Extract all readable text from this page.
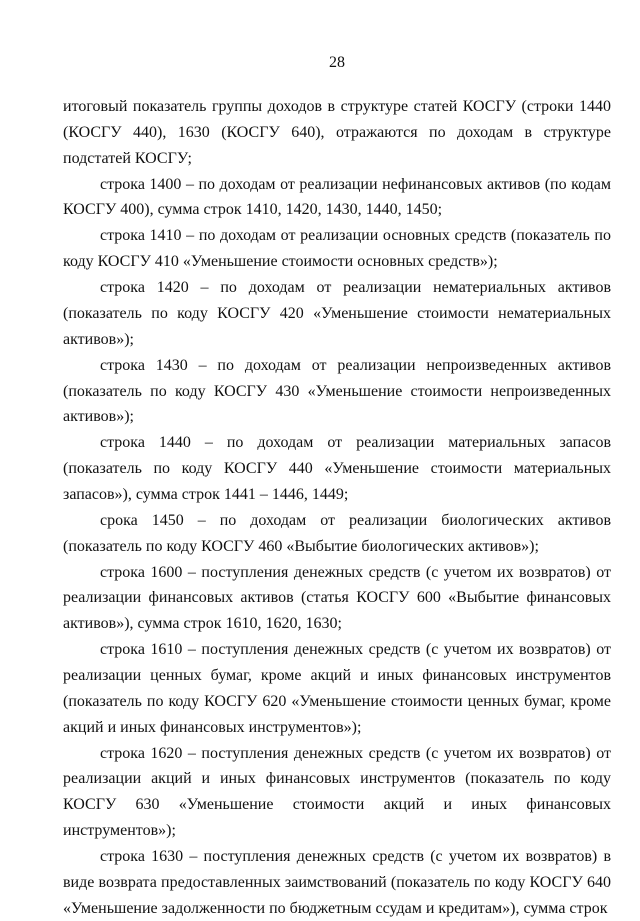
28

итоговый показатель группы доходов в структуре статей КОСГУ (строки 1440 (КОСГУ 440), 1630 (КОСГУ 640), отражаются по доходам в структуре подстатей КОСГУ;

строка 1400 – по доходам от реализации нефинансовых активов (по кодам КОСГУ 400), сумма строк 1410, 1420, 1430, 1440, 1450;

строка 1410 – по доходам от реализации основных средств (показатель по коду КОСГУ 410 «Уменьшение стоимости основных средств»);

строка 1420 – по доходам от реализации нематериальных активов (показатель по коду КОСГУ 420 «Уменьшение стоимости нематериальных активов»);

строка 1430 – по доходам от реализации непроизведенных активов (показатель по коду КОСГУ 430 «Уменьшение стоимости непроизведенных активов»);

строка 1440 – по доходам от реализации материальных запасов (показатель по коду КОСГУ 440 «Уменьшение стоимости материальных запасов»), сумма строк 1441 – 1446, 1449;

срока 1450 – по доходам от реализации биологических активов (показатель по коду КОСГУ 460 «Выбытие биологических активов»);

строка 1600 – поступления денежных средств (с учетом их возвратов) от реализации финансовых активов (статья КОСГУ 600 «Выбытие финансовых активов»), сумма строк 1610, 1620, 1630;

строка 1610 – поступления денежных средств (с учетом их возвратов) от реализации ценных бумаг, кроме акций и иных финансовых инструментов (показатель по коду КОСГУ 620 «Уменьшение стоимости ценных бумаг, кроме акций и иных финансовых инструментов»);

строка 1620 – поступления денежных средств (с учетом их возвратов) от реализации акций и иных финансовых инструментов (показатель по коду КОСГУ 630 «Уменьшение стоимости акций и иных финансовых инструментов»);

строка 1630 – поступления денежных средств (с учетом их возвратов) в виде возврата предоставленных заимствований (показатель по коду КОСГУ 640 «Уменьшение задолженности по бюджетным ссудам и кредитам»), сумма строк
